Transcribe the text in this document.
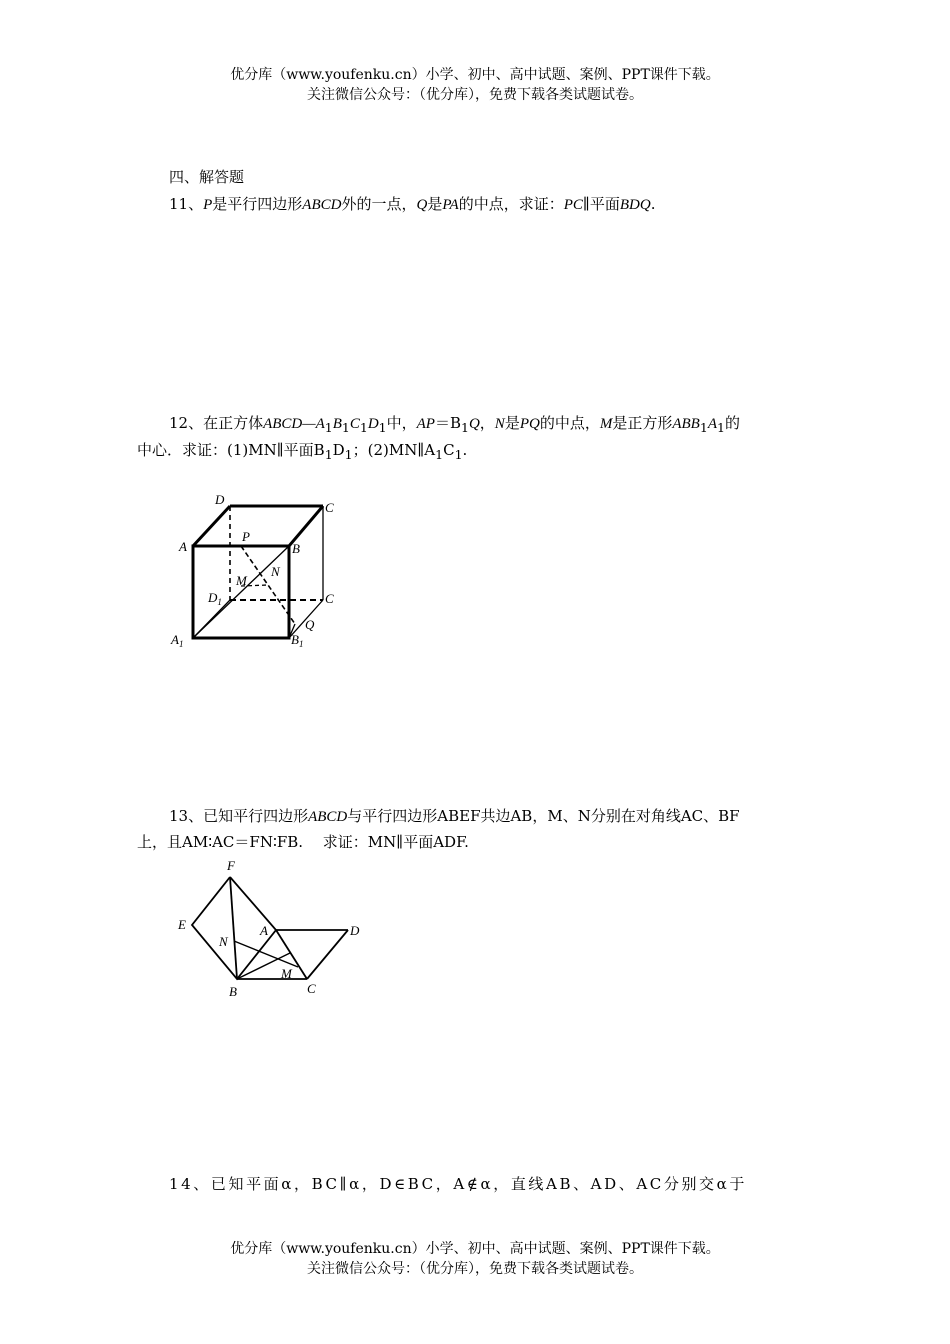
优分库（www.youfenku.cn）小学、初中、高中试题、案例、PPT课件下载。
关注微信公众号：（优分库），免费下载各类试题试卷。
四、解答题
11、P是平行四边形ABCD外的一点，Q是PA的中点，求证：PC∥平面BDQ.
12、在正方体$ABCD—A_1B_1C_1D_1$中，$AP=B_1Q$，N是PQ的中点，M是正方形$ABB_1A_1$的
中心．求证：(1)MN∥平面$B_1D_1$；$(2)MN\parallel A_1C_1$.
D
C
A
P
B
N
M
$D_1$	C
Q
$A_1$	$B_1$
13、已知平行四边形ABCD与平行四边形ABEF共边AB，M、N分别在对角线AC、BF
上，且AM∶AC＝FN∶FB.　 求证：MN∥平面ADF.
F
E
N
A	D
M
B	C
14、已知平面α，BC∥α，D∈BC，A∉α，直线AB、AD、AC分别交α于
优分库（www.youfenku.cn）小学、初中、高中试题、案例、PPT课件下载。
关注微信公众号：（优分库），免费下载各类试题试卷。
